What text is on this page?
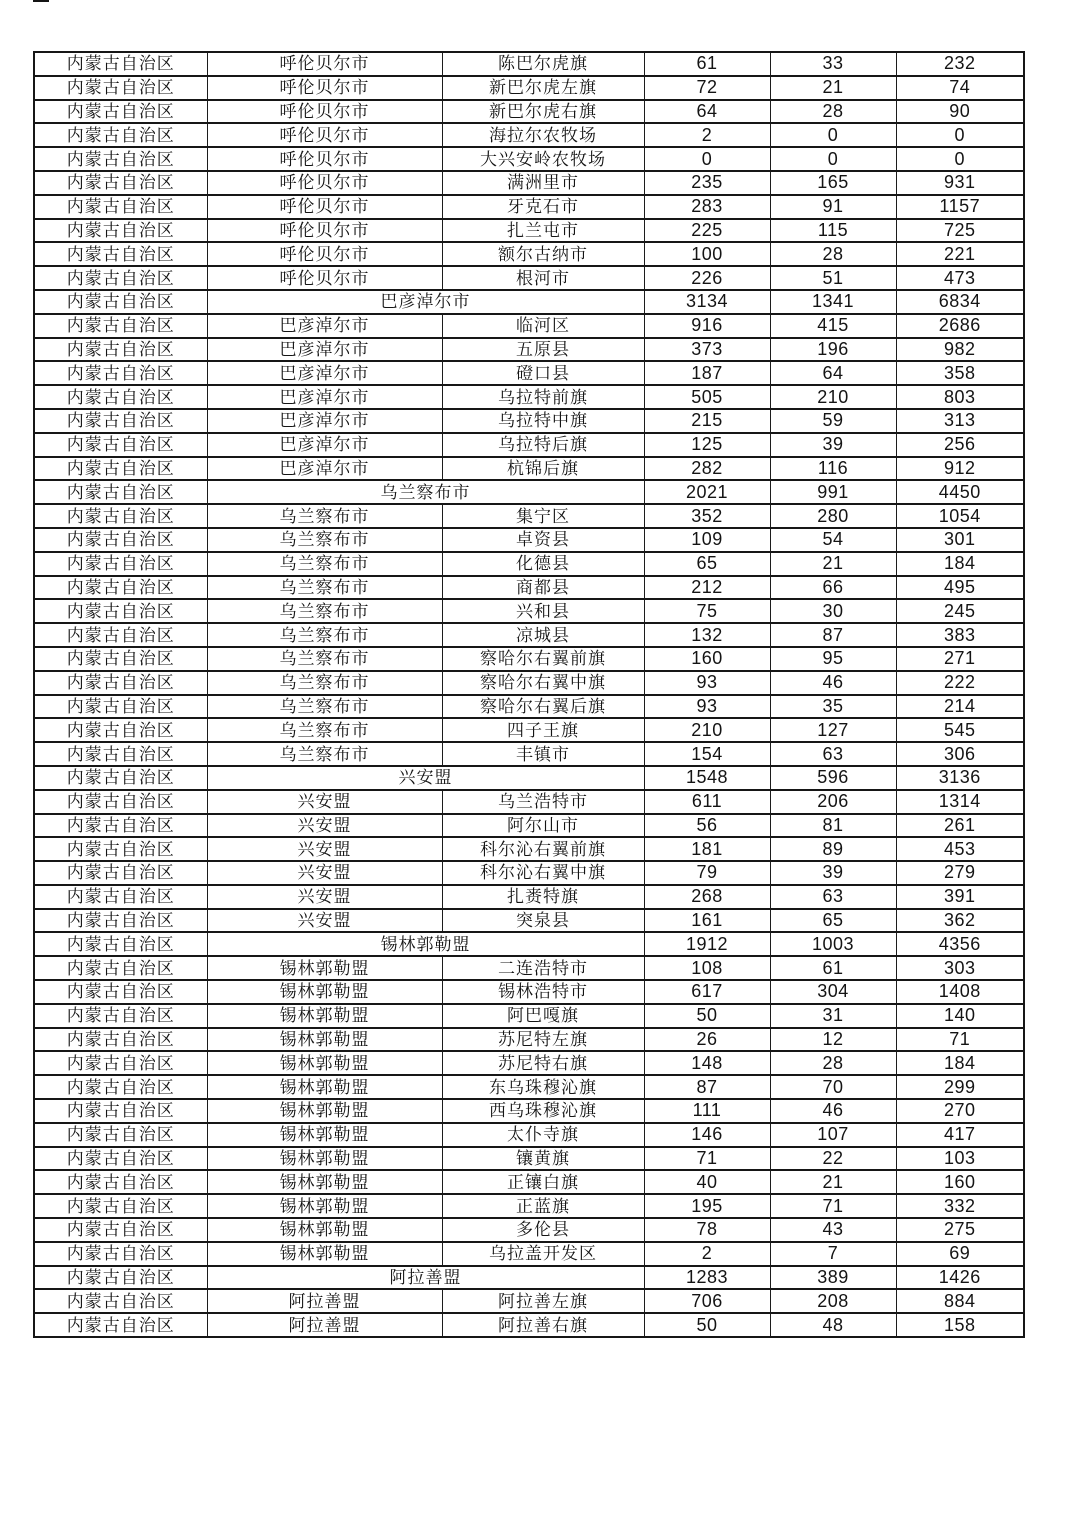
内蒙古自治区	呼伦贝尔市	陈巴尔虎旗	61	33	232
内蒙古自治区	呼伦贝尔市	新巴尔虎左旗	72	21	74
内蒙古自治区	呼伦贝尔市	新巴尔虎右旗	64	28	90
内蒙古自治区	呼伦贝尔市	海拉尔农牧场	2	0	0
内蒙古自治区	呼伦贝尔市	大兴安岭农牧场	0	0	0
内蒙古自治区	呼伦贝尔市	满洲里市	235	165	931
内蒙古自治区	呼伦贝尔市	牙克石市	283	91	1157
内蒙古自治区	呼伦贝尔市	扎兰屯市	225	115	725
内蒙古自治区	呼伦贝尔市	额尔古纳市	100	28	221
内蒙古自治区	呼伦贝尔市	根河市	226	51	473
内蒙古自治区	巴彦淖尔市		3134	1341	6834
内蒙古自治区	巴彦淖尔市	临河区	916	415	2686
内蒙古自治区	巴彦淖尔市	五原县	373	196	982
内蒙古自治区	巴彦淖尔市	磴口县	187	64	358
内蒙古自治区	巴彦淖尔市	乌拉特前旗	505	210	803
内蒙古自治区	巴彦淖尔市	乌拉特中旗	215	59	313
内蒙古自治区	巴彦淖尔市	乌拉特后旗	125	39	256
内蒙古自治区	巴彦淖尔市	杭锦后旗	282	116	912
内蒙古自治区	乌兰察布市		2021	991	4450
内蒙古自治区	乌兰察布市	集宁区	352	280	1054
内蒙古自治区	乌兰察布市	卓资县	109	54	301
内蒙古自治区	乌兰察布市	化德县	65	21	184
内蒙古自治区	乌兰察布市	商都县	212	66	495
内蒙古自治区	乌兰察布市	兴和县	75	30	245
内蒙古自治区	乌兰察布市	凉城县	132	87	383
内蒙古自治区	乌兰察布市	察哈尔右翼前旗	160	95	271
内蒙古自治区	乌兰察布市	察哈尔右翼中旗	93	46	222
内蒙古自治区	乌兰察布市	察哈尔右翼后旗	93	35	214
内蒙古自治区	乌兰察布市	四子王旗	210	127	545
内蒙古自治区	乌兰察布市	丰镇市	154	63	306
内蒙古自治区	兴安盟		1548	596	3136
内蒙古自治区	兴安盟	乌兰浩特市	611	206	1314
内蒙古自治区	兴安盟	阿尔山市	56	81	261
内蒙古自治区	兴安盟	科尔沁右翼前旗	181	89	453
内蒙古自治区	兴安盟	科尔沁右翼中旗	79	39	279
内蒙古自治区	兴安盟	扎赉特旗	268	63	391
内蒙古自治区	兴安盟	突泉县	161	65	362
内蒙古自治区	锡林郭勒盟		1912	1003	4356
内蒙古自治区	锡林郭勒盟	二连浩特市	108	61	303
内蒙古自治区	锡林郭勒盟	锡林浩特市	617	304	1408
内蒙古自治区	锡林郭勒盟	阿巴嘎旗	50	31	140
内蒙古自治区	锡林郭勒盟	苏尼特左旗	26	12	71
内蒙古自治区	锡林郭勒盟	苏尼特右旗	148	28	184
内蒙古自治区	锡林郭勒盟	东乌珠穆沁旗	87	70	299
内蒙古自治区	锡林郭勒盟	西乌珠穆沁旗	111	46	270
内蒙古自治区	锡林郭勒盟	太仆寺旗	146	107	417
内蒙古自治区	锡林郭勒盟	镶黄旗	71	22	103
内蒙古自治区	锡林郭勒盟	正镶白旗	40	21	160
内蒙古自治区	锡林郭勒盟	正蓝旗	195	71	332
内蒙古自治区	锡林郭勒盟	多伦县	78	43	275
内蒙古自治区	锡林郭勒盟	乌拉盖开发区	2	7	69
内蒙古自治区	阿拉善盟		1283	389	1426
内蒙古自治区	阿拉善盟	阿拉善左旗	706	208	884
内蒙古自治区	阿拉善盟	阿拉善右旗	50	48	158
